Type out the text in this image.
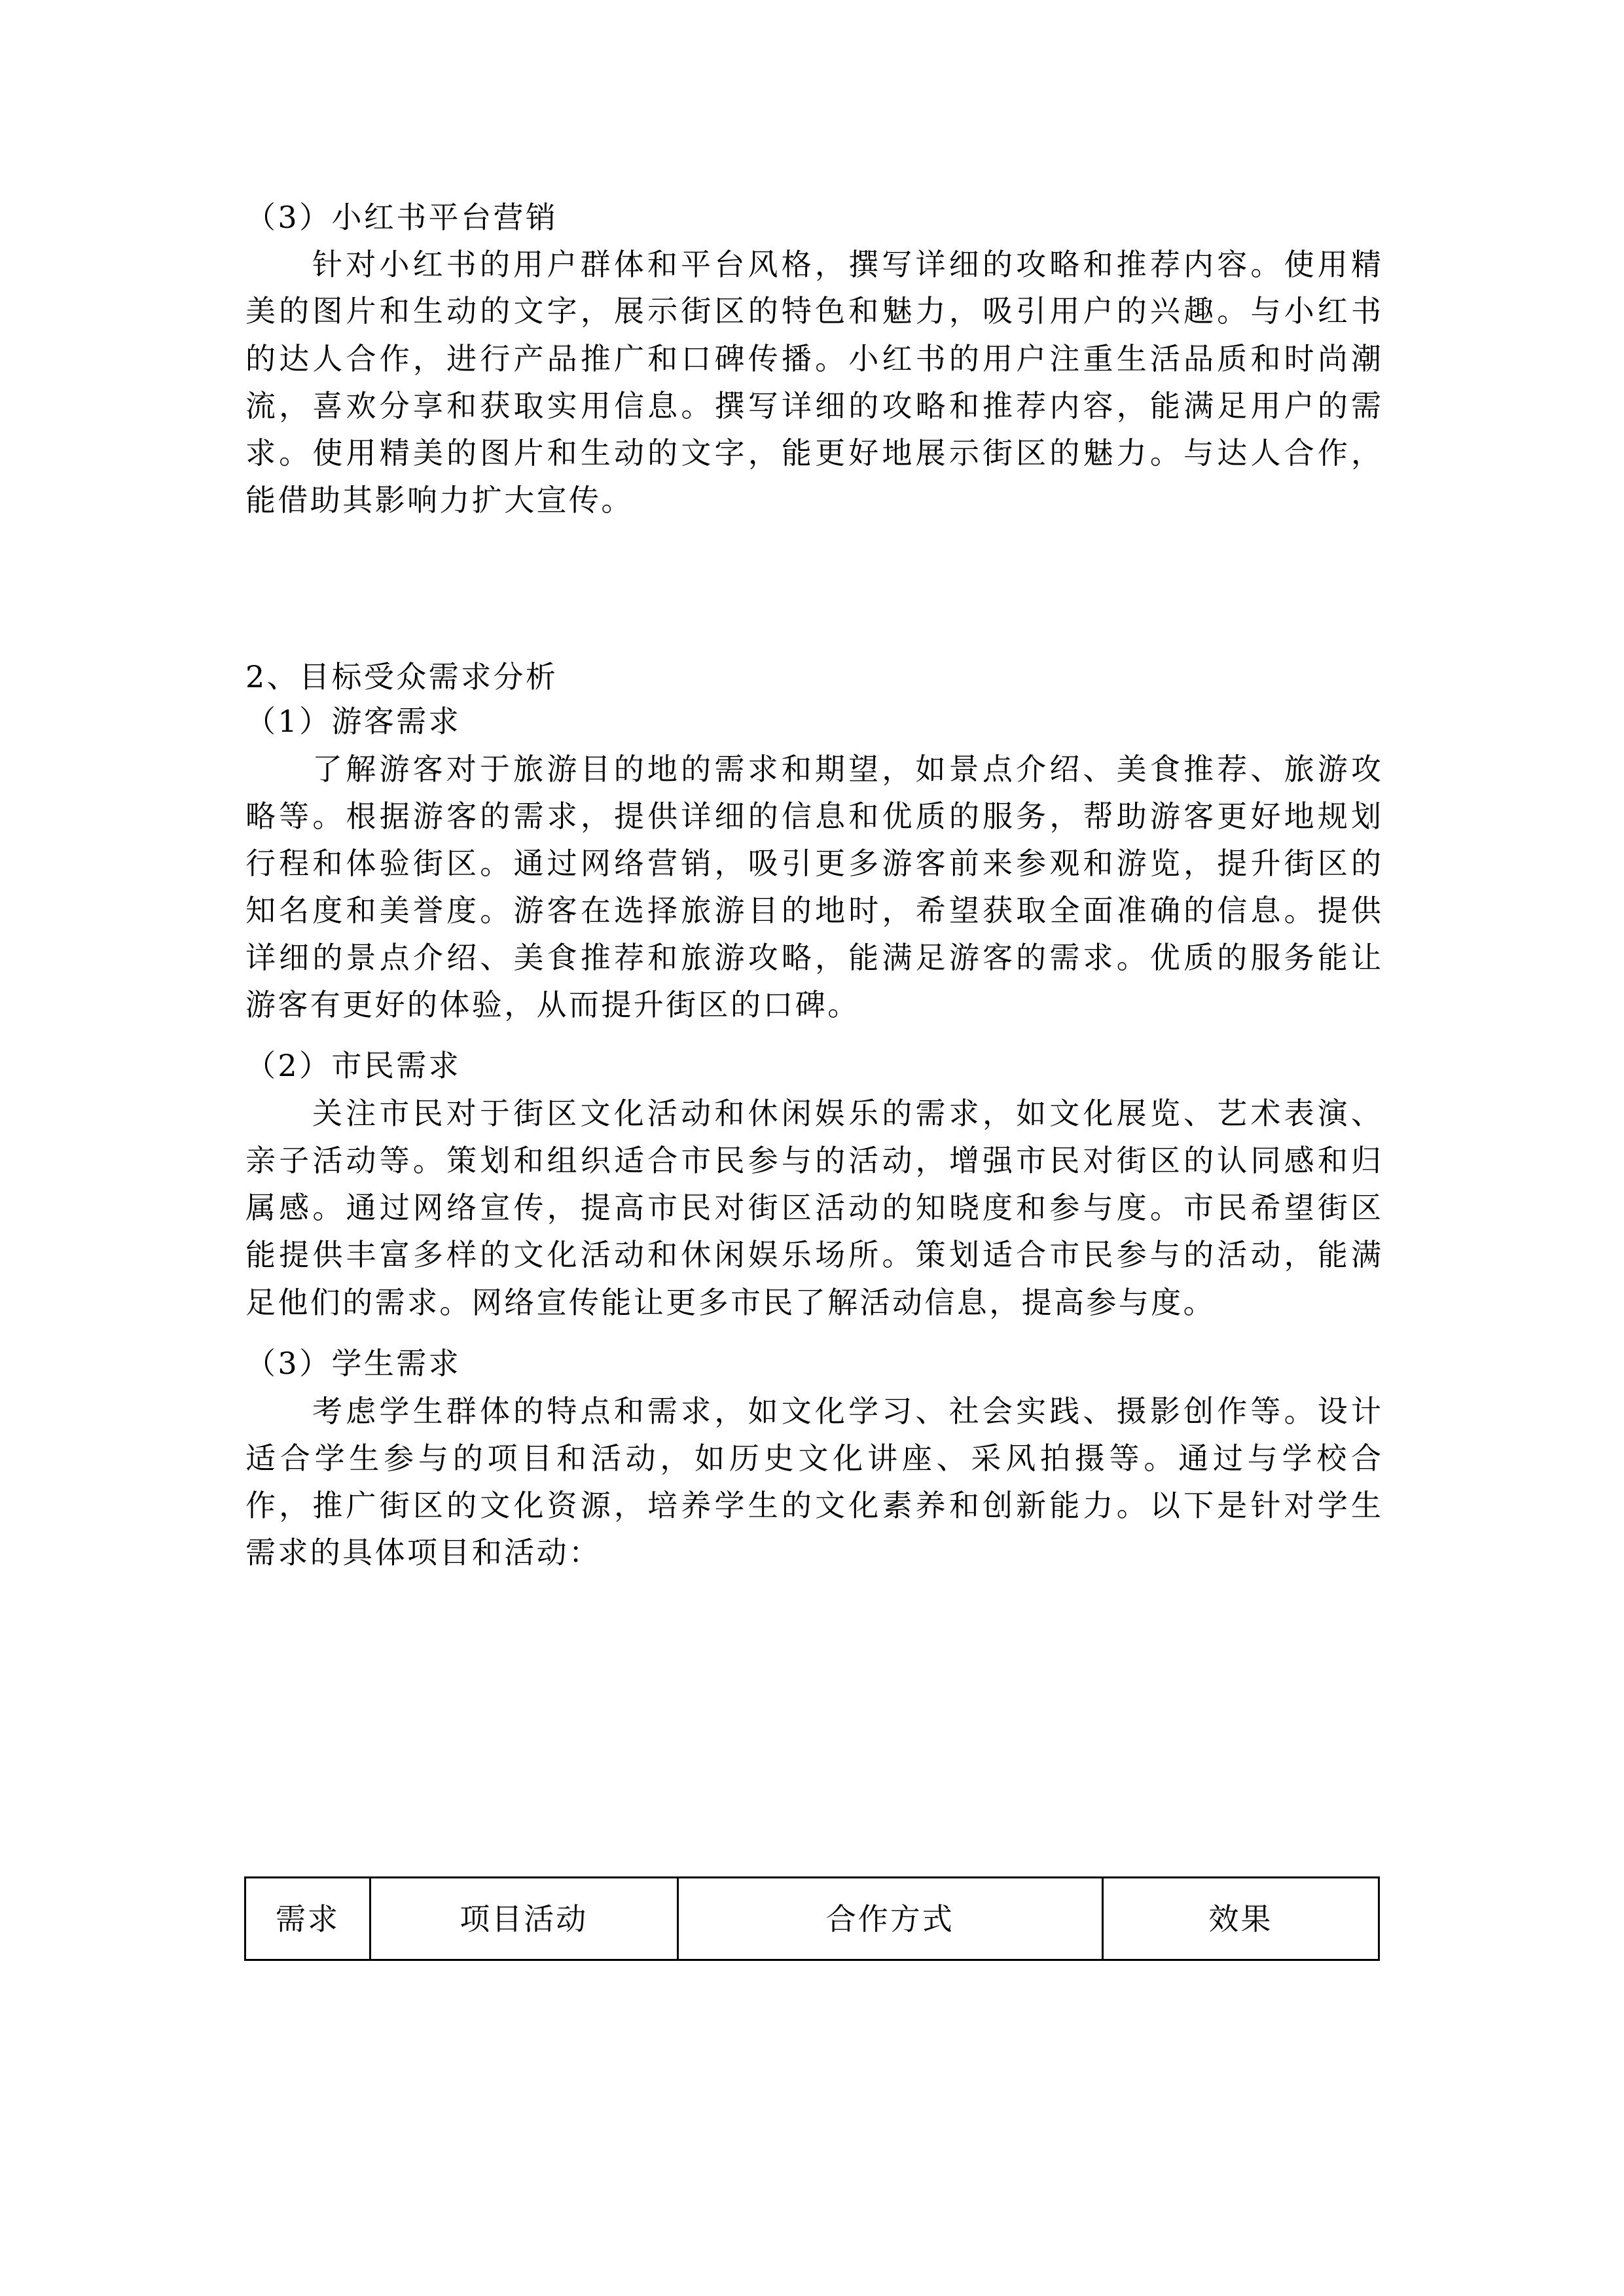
（3）小红书平台营销
针对小红书的用户群体和平台风格，撰写详细的攻略和推荐内容。使用精
美的图片和生动的文字，展示街区的特色和魅力，吸引用户的兴趣。与小红书
的达人合作，进行产品推广和口碑传播。小红书的用户注重生活品质和时尚潮
流，喜欢分享和获取实用信息。撰写详细的攻略和推荐内容，能满足用户的需
求。使用精美的图片和生动的文字，能更好地展示街区的魅力。与达人合作，
能借助其影响力扩大宣传。
2、目标受众需求分析
（1）游客需求
了解游客对于旅游目的地的需求和期望，如景点介绍、美食推荐、旅游攻
略等。根据游客的需求，提供详细的信息和优质的服务，帮助游客更好地规划
行程和体验街区。通过网络营销，吸引更多游客前来参观和游览，提升街区的
知名度和美誉度。游客在选择旅游目的地时，希望获取全面准确的信息。提供
详细的景点介绍、美食推荐和旅游攻略，能满足游客的需求。优质的服务能让
游客有更好的体验，从而提升街区的口碑。
（2）市民需求
关注市民对于街区文化活动和休闲娱乐的需求，如文化展览、艺术表演、
亲子活动等。策划和组织适合市民参与的活动，增强市民对街区的认同感和归
属感。通过网络宣传，提高市民对街区活动的知晓度和参与度。市民希望街区
能提供丰富多样的文化活动和休闲娱乐场所。策划适合市民参与的活动，能满
足他们的需求。网络宣传能让更多市民了解活动信息，提高参与度。
（3）学生需求
考虑学生群体的特点和需求，如文化学习、社会实践、摄影创作等。设计
适合学生参与的项目和活动，如历史文化讲座、采风拍摄等。通过与学校合
作，推广街区的文化资源，培养学生的文化素养和创新能力。以下是针对学生
需求的具体项目和活动：
需求	项目活动	合作方式	效果
